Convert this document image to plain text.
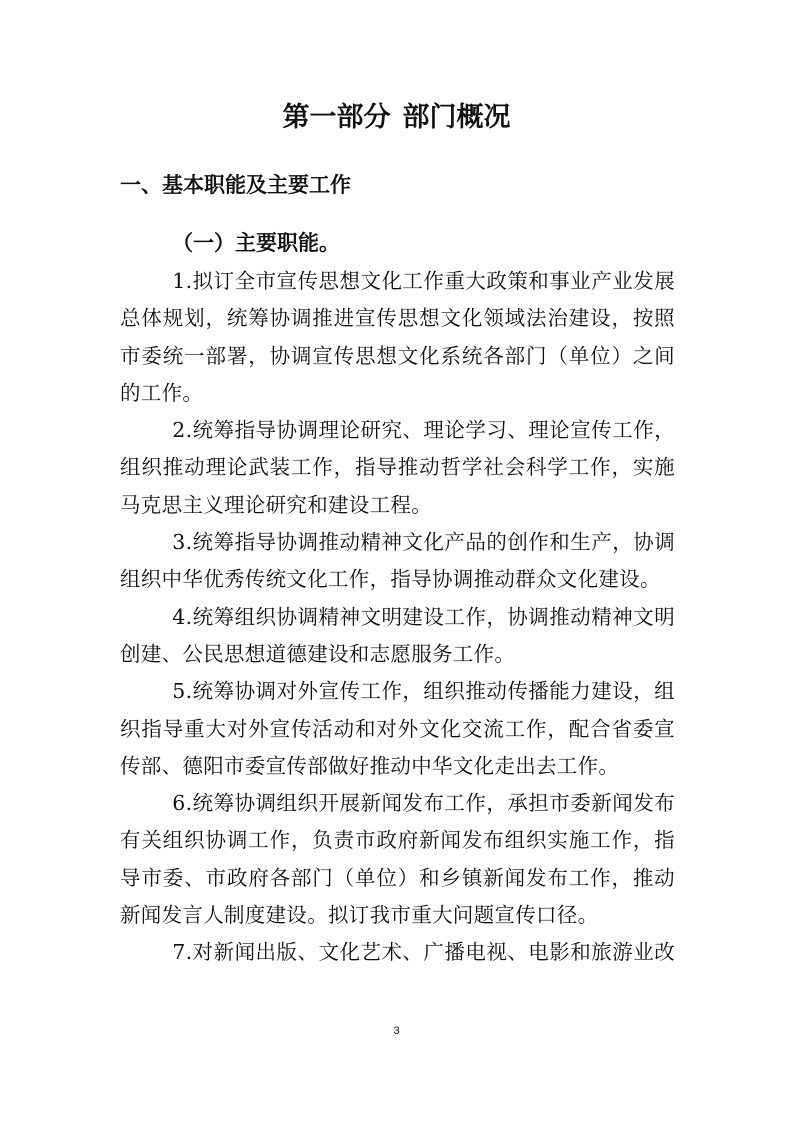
第一部分 部门概况
一、基本职能及主要工作
（一）主要职能。

1.拟订全市宣传思想文化工作重大政策和事业产业发展总体规划，统筹协调推进宣传思想文化领域法治建设，按照市委统一部署，协调宣传思想文化系统各部门（单位）之间的工作。

2.统筹指导协调理论研究、理论学习、理论宣传工作，组织推动理论武装工作，指导推动哲学社会科学工作，实施马克思主义理论研究和建设工程。

3.统筹指导协调推动精神文化产品的创作和生产，协调组织中华优秀传统文化工作，指导协调推动群众文化建设。

4.统筹组织协调精神文明建设工作，协调推动精神文明创建、公民思想道德建设和志愿服务工作。

5.统筹协调对外宣传工作，组织推动传播能力建设，组织指导重大对外宣传活动和对外文化交流工作，配合省委宣传部、德阳市委宣传部做好推动中华文化走出去工作。

6.统筹协调组织开展新闻发布工作，承担市委新闻发布有关组织协调工作，负责市政府新闻发布组织实施工作，指导市委、市政府各部门（单位）和乡镇新闻发布工作，推动新闻发言人制度建设。拟订我市重大问题宣传口径。

7.对新闻出版、文化艺术、广播电视、电影和旅游业改

3
